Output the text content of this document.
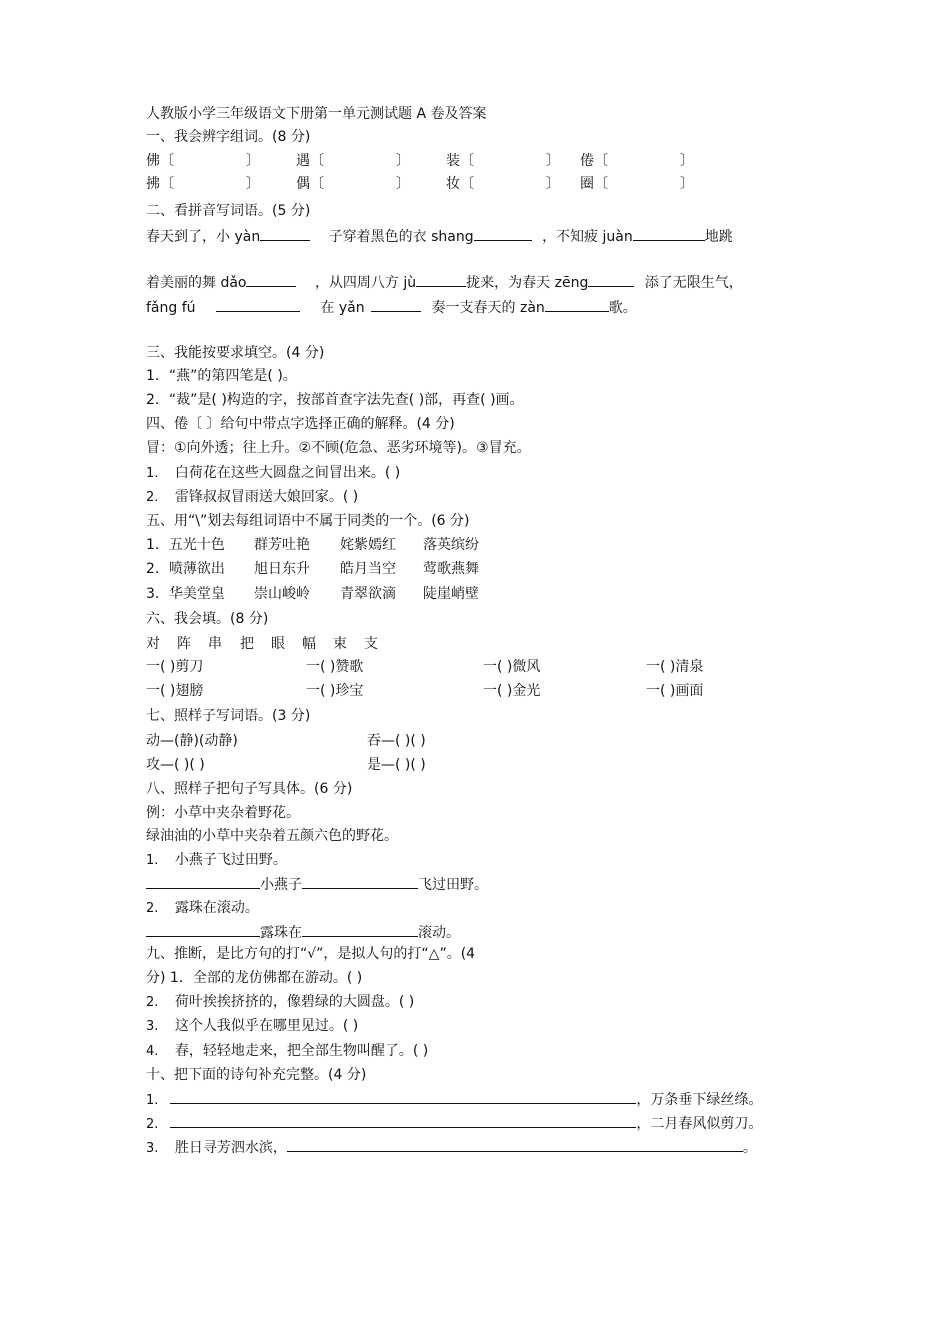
人教版小学三年级语文下册第一单元测试题 A 卷及答案
一、我会辨字组词。(8 分)
佛〔	〕	遇〔	〕	装〔	〕 倦〔	〕
拂〔	〕	偶〔	〕	妆〔	〕 圈〔	〕
二、看拼音写词语。(5 分)
春天到了，小 yàn	子穿着黑色的衣 shang	，不知疲 juàn	地跳
着美丽的舞 dǎo	，从四周八方 jù	拢来，为春天 zēng	添了无限生气，
fǎng fú	在 yǎn	奏一支春天的 zàn	歌。
三、我能按要求填空。(4 分)
1．“燕”的第四笔是( )。
2．“裁”是( )构造的字，按部首查字法先查( )部，再查( )画。
四、倦〔 〕给句中带点字选择正确的解释。(4 分)
冒：①向外透；往上升。②不顾(危急、恶劣环境等)。③冒充。
1. 白荷花在这些大圆盘之间冒出来。( )
2. 雷锋叔叔冒雨送大娘回家。( )
五、用“\”划去每组词语中不属于同类的一个。(6 分)
1．五光十色 群芳吐艳 姹紫嫣红 落英缤纷
2．喷薄欲出 旭日东升 皓月当空 莺歌燕舞
3．华美堂皇 崇山峻岭 青翠欲滴 陡崖峭壁
六、我会填。(8 分)
对 阵 串 把 眼 幅 束 支
一( )剪刀	一( )赞歌	一( )微风	一( )清泉
一( )翅膀	一( )珍宝	一( )金光	一( )画面
七、照样子写词语。(3 分)
动—(静)(动静)	吞—( )( )
攻—( )( )	是—( )( )
八、照样子把句子写具体。(6 分)
例：小草中夹杂着野花。
绿油油的小草中夹杂着五颜六色的野花。
1. 小燕子飞过田野。
小燕子	飞过田野。
2. 露珠在滚动。
露珠在	滚动。
九、推断，是比方句的打“√”，是拟人句的打“△”。(4
分) 1．全部的龙仿佛都在游动。( )
2. 荷叶挨挨挤挤的，像碧绿的大圆盘。( )
3. 这个人我似乎在哪里见过。( )
4. 春，轻轻地走来，把全部生物叫醒了。( )
十、把下面的诗句补充完整。(4 分)
1.	，万条垂下绿丝绦。
2.	，二月春风似剪刀。
3. 胜日寻芳泗水滨，	。
